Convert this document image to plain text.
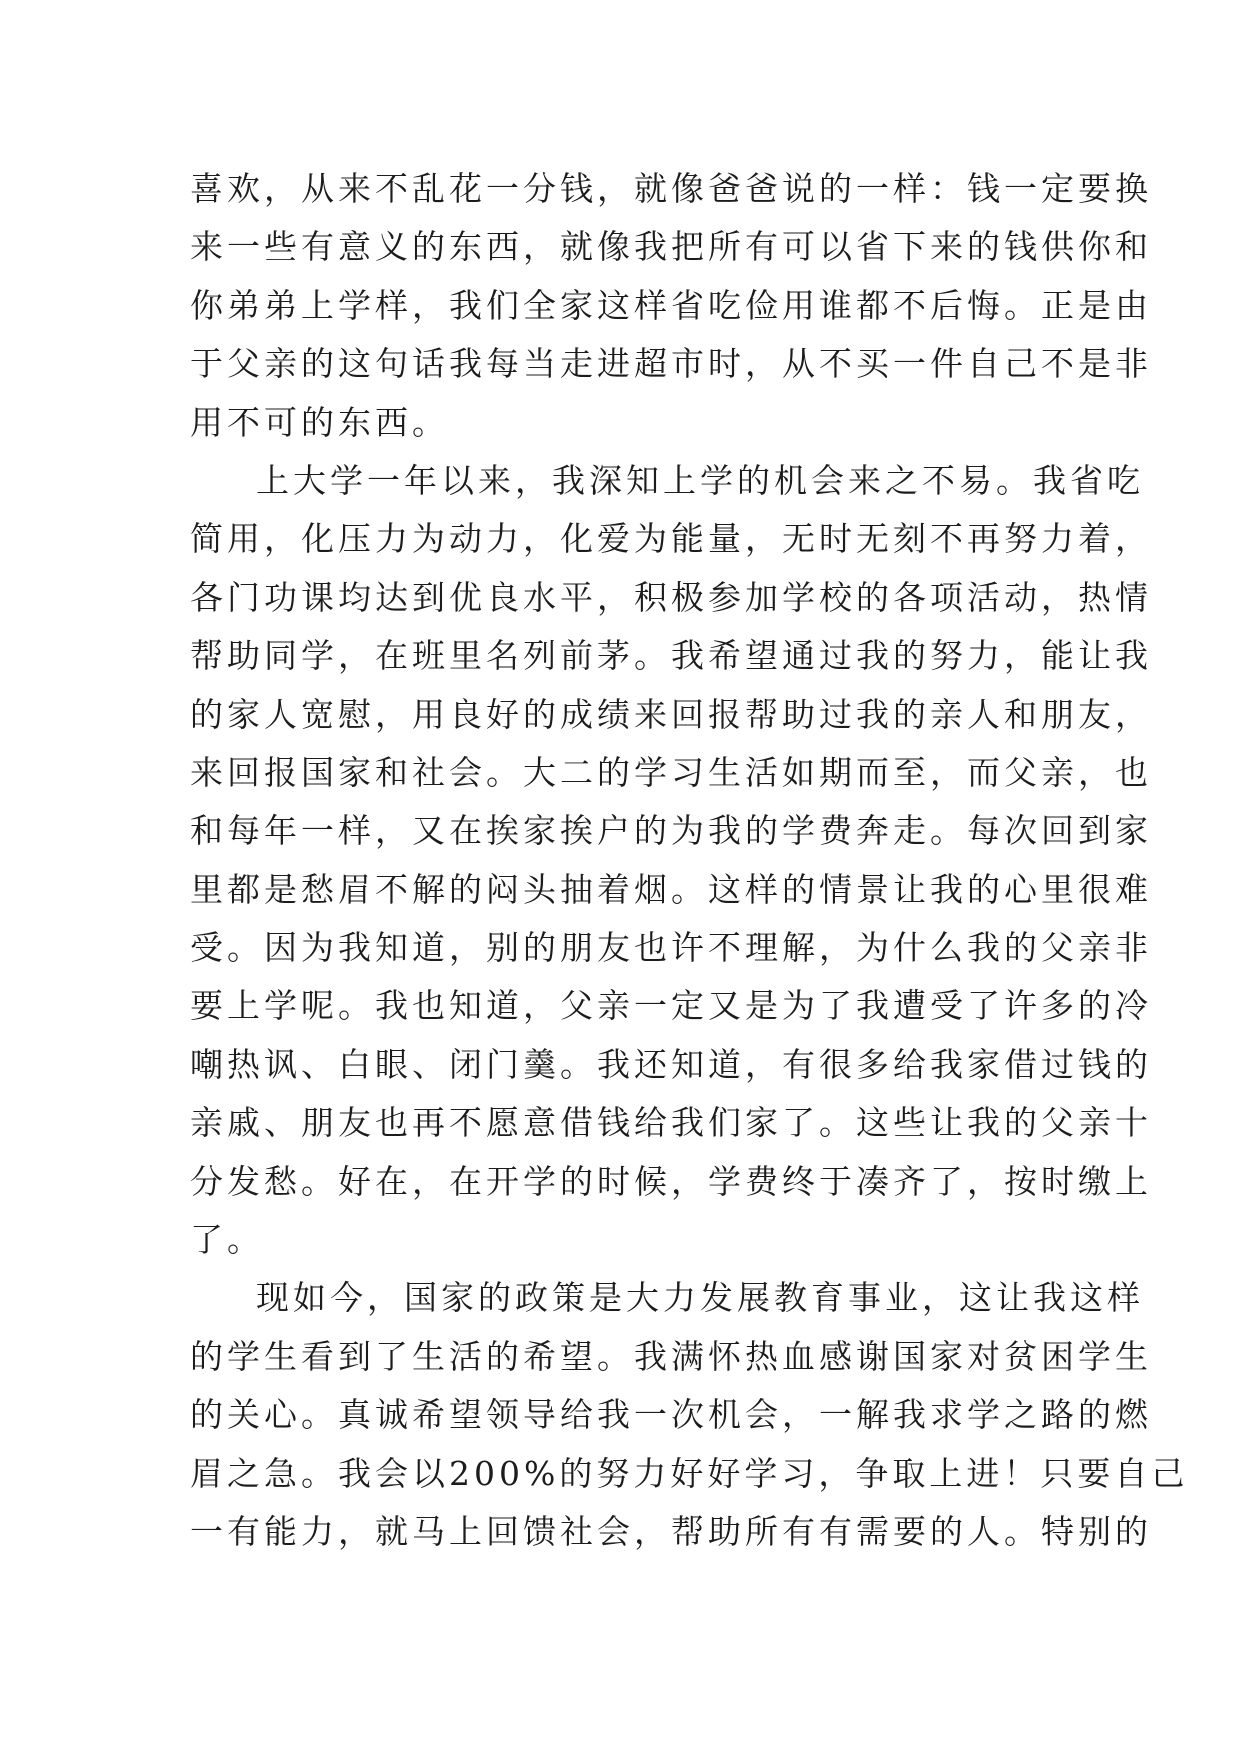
喜欢，从来不乱花一分钱，就像爸爸说的一样：钱一定要换
来一些有意义的东西，就像我把所有可以省下来的钱供你和
你弟弟上学样，我们全家这样省吃俭用谁都不后悔。正是由
于父亲的这句话我每当走进超市时，从不买一件自己不是非
用不可的东西。
上大学一年以来，我深知上学的机会来之不易。我省吃
简用，化压力为动力，化爱为能量，无时无刻不再努力着，
各门功课均达到优良水平，积极参加学校的各项活动，热情
帮助同学，在班里名列前茅。我希望通过我的努力，能让我
的家人宽慰，用良好的成绩来回报帮助过我的亲人和朋友，
来回报国家和社会。大二的学习生活如期而至，而父亲，也
和每年一样，又在挨家挨户的为我的学费奔走。每次回到家
里都是愁眉不解的闷头抽着烟。这样的情景让我的心里很难
受。因为我知道，别的朋友也许不理解，为什么我的父亲非
要上学呢。我也知道，父亲一定又是为了我遭受了许多的冷
嘲热讽、白眼、闭门羹。我还知道，有很多给我家借过钱的
亲戚、朋友也再不愿意借钱给我们家了。这些让我的父亲十
分发愁。好在，在开学的时候，学费终于凑齐了，按时缴上
了。
现如今，国家的政策是大力发展教育事业，这让我这样
的学生看到了生活的希望。我满怀热血感谢国家对贫困学生
的关心。真诚希望领导给我一次机会，一解我求学之路的燃
眉之急。我会以200%的努力好好学习，争取上进！只要自己
一有能力，就马上回馈社会，帮助所有有需要的人。特别的
